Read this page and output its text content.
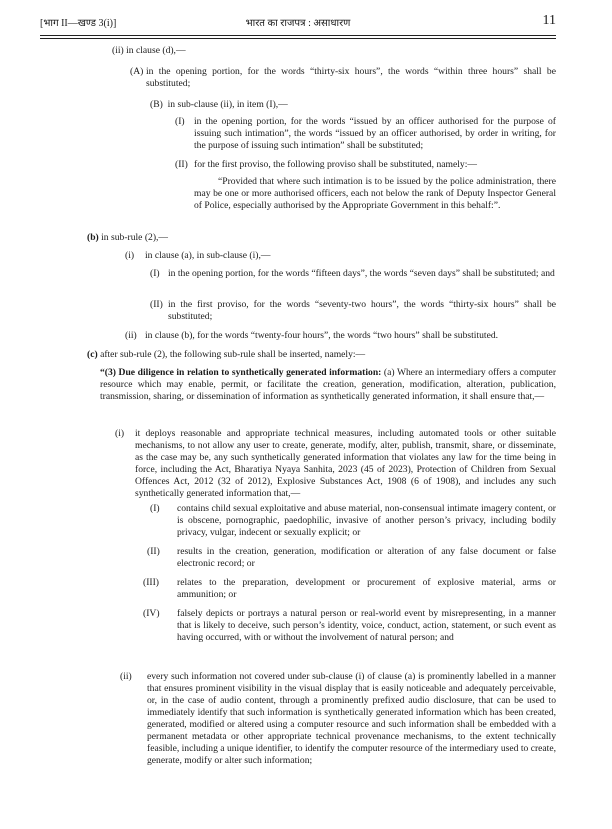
[भाग II—खण्ड 3(i)]	भारत का राजपत्र : असाधारण	11
(ii) in clause (d),—
(A) in the opening portion, for the words “thirty-six hours”, the words “within three hours” shall be substituted;
(B) in sub-clause (ii), in item (I),—
(I) in the opening portion, for the words “issued by an officer authorised for the purpose of issuing such intimation”, the words “issued by an officer authorised, by order in writing, for the purpose of issuing such intimation” shall be substituted;
(II) for the first proviso, the following proviso shall be substituted, namely:—
“Provided that where such intimation is to be issued by the police administration, there may be one or more authorised officers, each not below the rank of Deputy Inspector General of Police, especially authorised by the Appropriate Government in this behalf:”.
(b) in sub-rule (2),—
(i) in clause (a), in sub-clause (i),—
(I) in the opening portion, for the words “fifteen days”, the words “seven days” shall be substituted; and
(II) in the first proviso, for the words “seventy-two hours”, the words “thirty-six hours” shall be substituted;
(ii) in clause (b), for the words “twenty-four hours”, the words “two hours” shall be substituted.
(c) after sub-rule (2), the following sub-rule shall be inserted, namely:—
“(3) Due diligence in relation to synthetically generated information: (a) Where an intermediary offers a computer resource which may enable, permit, or facilitate the creation, generation, modification, alteration, publication, transmission, sharing, or dissemination of information as synthetically generated information, it shall ensure that,—
(i) it deploys reasonable and appropriate technical measures, including automated tools or other suitable mechanisms, to not allow any user to create, generate, modify, alter, publish, transmit, share, or disseminate, as the case may be, any such synthetically generated information that violates any law for the time being in force, including the Act, Bharatiya Nyaya Sanhita, 2023 (45 of 2023), Protection of Children from Sexual Offences Act, 2012 (32 of 2012), Explosive Substances Act, 1908 (6 of 1908), and includes any such synthetically generated information that,—
(I) contains child sexual exploitative and abuse material, non-consensual intimate imagery content, or is obscene, pornographic, paedophilic, invasive of another person’s privacy, including bodily privacy, vulgar, indecent or sexually explicit; or
(II) results in the creation, generation, modification or alteration of any false document or false electronic record; or
(III) relates to the preparation, development or procurement of explosive material, arms or ammunition; or
(IV) falsely depicts or portrays a natural person or real-world event by misrepresenting, in a manner that is likely to deceive, such person’s identity, voice, conduct, action, statement, or such event as having occurred, with or without the involvement of natural person; and
(ii) every such information not covered under sub-clause (i) of clause (a) is prominently labelled in a manner that ensures prominent visibility in the visual display that is easily noticeable and adequately perceivable, or, in the case of audio content, through a prominently prefixed audio disclosure, that can be used to immediately identify that such information is synthetically generated information which has been created, generated, modified or altered using a computer resource and such information shall be embedded with a permanent metadata or other appropriate technical provenance mechanisms, to the extent technically feasible, including a unique identifier, to identify the computer resource of the intermediary used to create, generate, modify or alter such information;
